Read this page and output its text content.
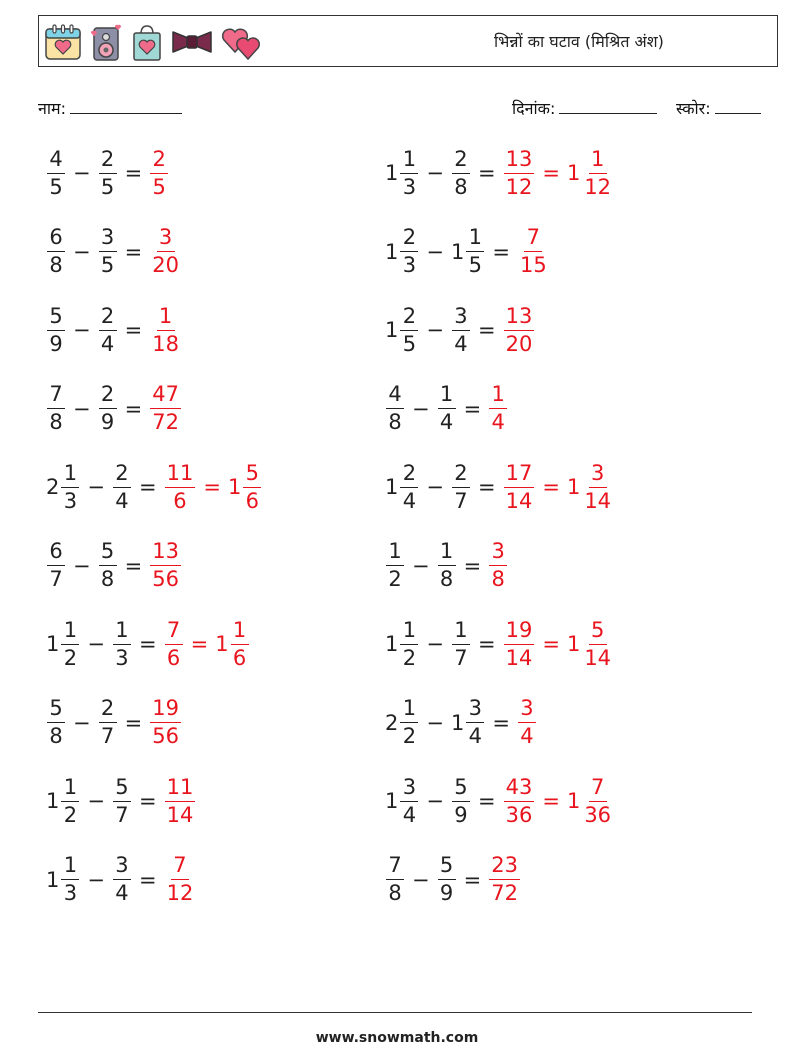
भिन्नों का घटाव (मिश्रित अंश)
नाम:	दिनांक:	स्कोर:
$\frac{4}{5} - \frac{2}{5} = \frac{2}{5}$	$1 \frac{1}{3} - \frac{2}{8} = \frac{13}{12} = 1 \frac{1}{12}$
$\frac{6}{8} - \frac{3}{5} = \frac{3}{20}$	$1 \frac{2}{3} - 1 \frac{1}{5} = \frac{7}{15}$
$\frac{5}{9} - \frac{2}{4} = \frac{1}{18}$	$1 \frac{2}{5} - \frac{3}{4} = \frac{13}{20}$
$\frac{7}{8} - \frac{2}{9} = \frac{47}{72}$	$\frac{4}{8} - \frac{1}{4} = \frac{1}{4}$
$2 \frac{1}{3} - \frac{2}{4} = \frac{11}{6} = 1 \frac{5}{6}$	$1 \frac{2}{4} - \frac{2}{7} = \frac{17}{14} = 1 \frac{3}{14}$
$\frac{6}{7} - \frac{5}{8} = \frac{13}{56}$	$\frac{1}{2} - \frac{1}{8} = \frac{3}{8}$
$1 \frac{1}{2} - \frac{1}{3} = \frac{7}{6} = 1 \frac{1}{6}$	$1 \frac{1}{2} - \frac{1}{7} = \frac{19}{14} = 1 \frac{5}{14}$
$\frac{5}{8} - \frac{2}{7} = \frac{19}{56}$	$2 \frac{1}{2} - 1 \frac{3}{4} = \frac{3}{4}$
$1 \frac{1}{2} - \frac{5}{7} = \frac{11}{14}$	$1 \frac{3}{4} - \frac{5}{9} = \frac{43}{36} = 1 \frac{7}{36}$
$1 \frac{1}{3} - \frac{3}{4} = \frac{7}{12}$	$\frac{7}{8} - \frac{5}{9} = \frac{23}{72}$
www.snowmath.com
